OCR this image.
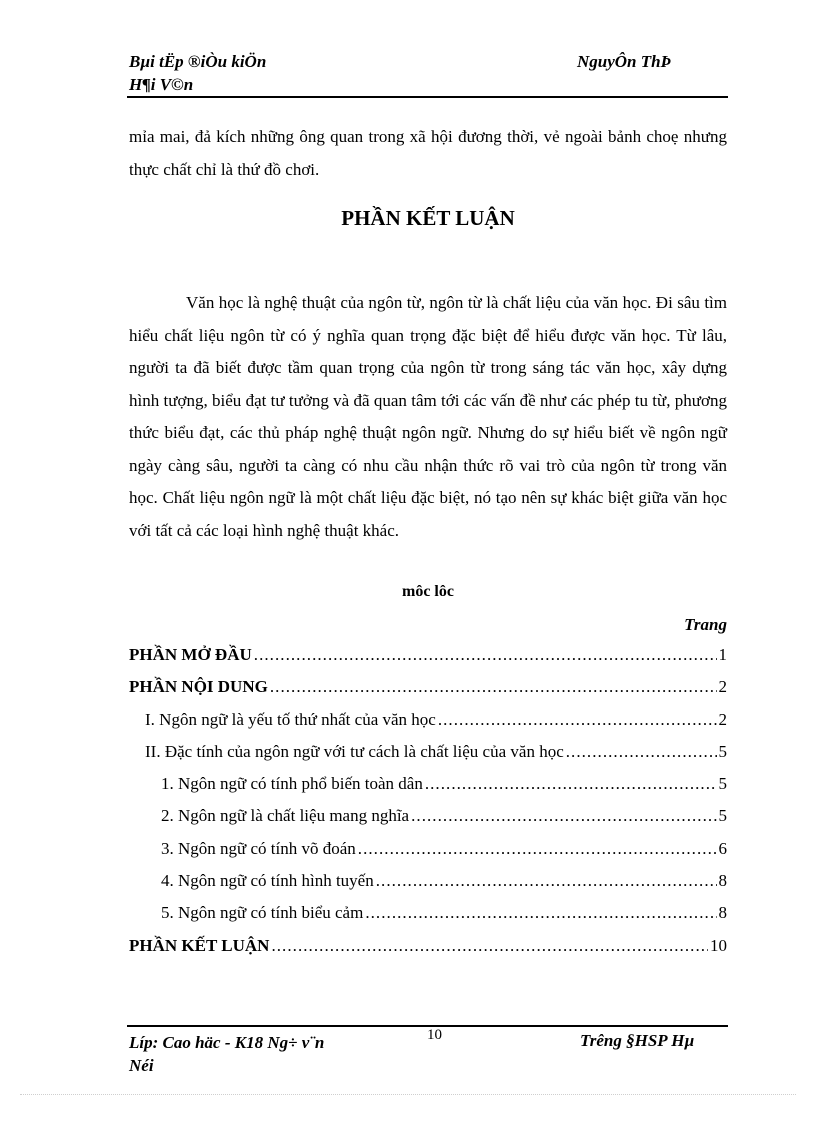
Bµi tËp ®iÒu kiÖn
H¶i V©n
NguyÔn ThÞ
mỉa mai, đả kích những ông quan trong xã hội đương thời, vẻ ngoài bảnh choẹ nhưng thực chất chỉ là thứ đồ chơi.
PHẦN KẾT LUẬN
Văn học là nghệ thuật của ngôn từ, ngôn từ là chất liệu của văn học. Đi sâu tìm hiểu chất liệu ngôn từ có ý nghĩa quan trọng đặc biệt để hiểu được văn học. Từ lâu, người ta đã biết được tầm quan trọng của ngôn từ trong sáng tác văn học, xây dựng hình tượng, biểu đạt tư tưởng và đã quan tâm tới các vấn đề như các phép tu từ, phương thức biểu đạt, các thủ pháp nghệ thuật ngôn ngữ. Nhưng do sự hiểu biết về ngôn ngữ ngày càng sâu, người ta càng có nhu cầu nhận thức rõ vai trò của ngôn từ trong văn học. Chất liệu ngôn ngữ là một chất liệu đặc biệt, nó tạo nên sự khác biệt giữa văn học với tất cả các loại hình nghệ thuật khác.
môc lôc
Trang
PHẦN MỞ ĐẦU . . .	1
PHẦN NỘI DUNG . . .	2
I. Ngôn ngữ là yếu tố thứ nhất của văn học . . .	2
II. Đặc tính của ngôn ngữ với tư cách là chất liệu của văn học . . .	5
1. Ngôn ngữ có tính phổ biến toàn dân . . .	5
2. Ngôn ngữ là chất liệu mang nghĩa . . .	5
3. Ngôn ngữ có tính võ đoán . . .	6
4. Ngôn ngữ có tính hình tuyến . . .	8
5. Ngôn ngữ có tính biểu cảm . . .	8
PHẦN KẾT LUẬN . . .	10
Líp: Cao häc - K18 Ng÷ v¨n
Néi
10	Trêng §HSP Hµ
